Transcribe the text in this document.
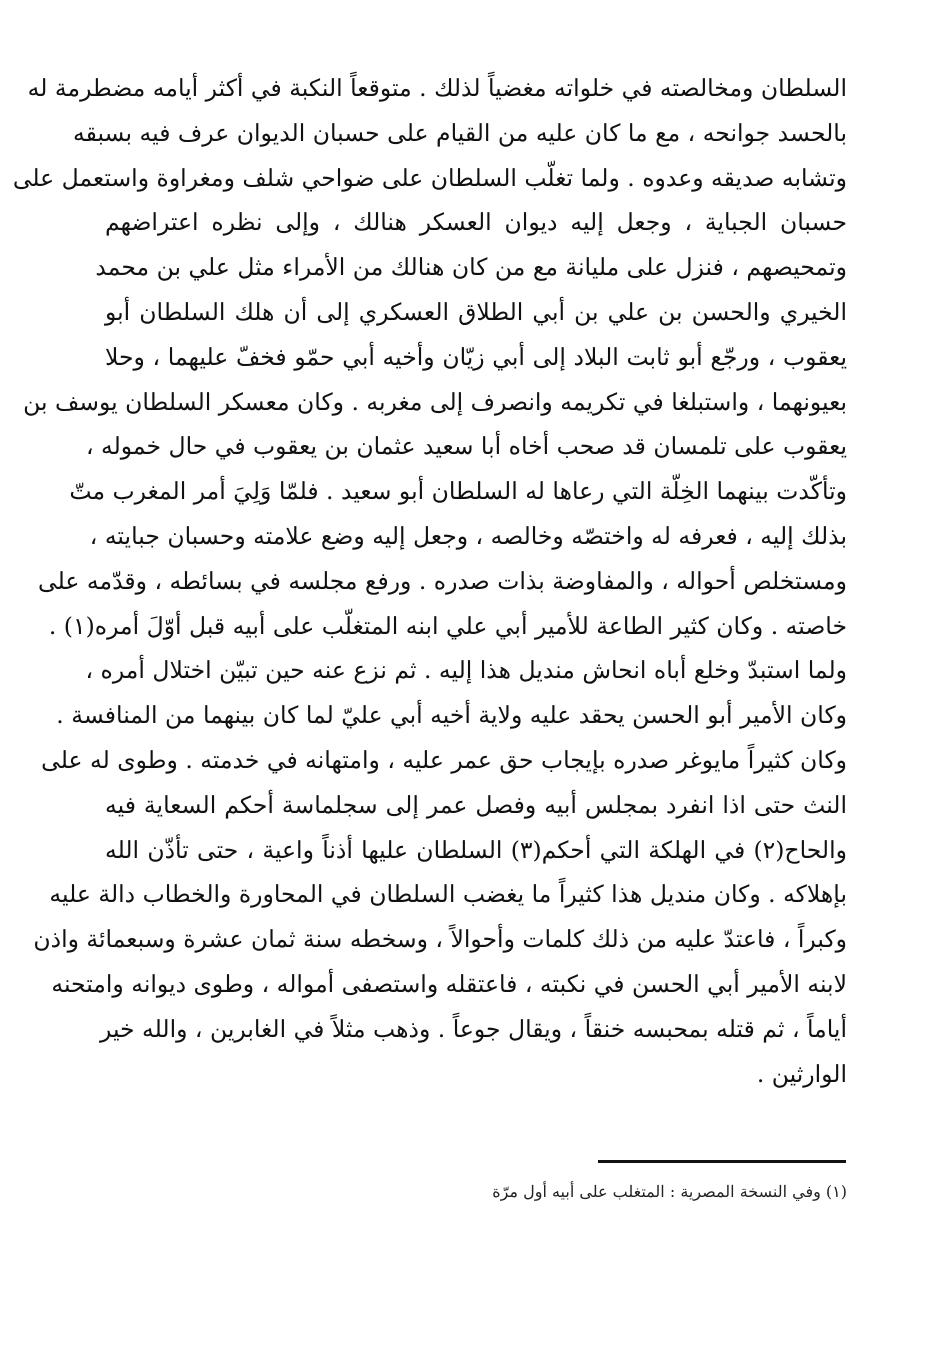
السلطان ومخالصته في خلواته مغضياً لذلك . متوقعاً النكبة في أكثر أيامه مضطرمة له
بالحسد جوانحه ، مع ما كان عليه من القيام على حسبان الديوان عرف فيه بسبقه
وتشابه صديقه وعدوه . ولما تغلّب السلطان على ضواحي شلف ومغراوة واستعمل على
حسبان الجباية ، وجعل إليه ديوان العسكر هنالك ، وإلى نظره اعتراضهم
وتمحيصهم ، فنزل على مليانة مع من كان هنالك من الأمراء مثل علي بن محمد
الخيري والحسن بن علي بن أبي الطلاق العسكري إلى أن هلك السلطان أبو
يعقوب ، ورجّع أبو ثابت البلاد إلى أبي زيّان وأخيه أبي حمّو فخفّ عليهما ، وحلا
بعيونهما ، واستبلغا في تكريمه وانصرف إلى مغربه . وكان معسكر السلطان يوسف بن
يعقوب على تلمسان قد صحب أخاه أبا سعيد عثمان بن يعقوب في حال خموله ،
وتأكّدت بينهما الخِلّة التي رعاها له السلطان أبو سعيد . فلمّا وَلِيَ أمر المغرب متّ
بذلك إليه ، فعرفه له واختصّه وخالصه ، وجعل إليه وضع علامته وحسبان جبايته ،
ومستخلص أحواله ، والمفاوضة بذات صدره . ورفع مجلسه في بسائطه ، وقدّمه على
خاصته . وكان كثير الطاعة للأمير أبي علي ابنه المتغلّب على أبيه قبل أوّلَ أمره(١) .
ولما استبدّ وخلع أباه انحاش منديل هذا إليه . ثم نزع عنه حين تبيّن اختلال أمره ،
وكان الأمير أبو الحسن يحقد عليه ولاية أخيه أبي عليّ لما كان بينهما من المنافسة .
وكان كثيراً مايوغر صدره بإيجاب حق عمر عليه ، وامتهانه في خدمته . وطوى له على
النث حتى اذا انفرد بمجلس أبيه وفصل عمر إلى سجلماسة أحكم السعاية فيه
والحاح(٢) في الهلكة التي أحكم(٣) السلطان عليها أذناً واعية ، حتى تأذّن الله
بإهلاكه . وكان منديل هذا كثيراً ما يغضب السلطان في المحاورة والخطاب دالة عليه
وكبراً ، فاعتدّ عليه من ذلك كلمات وأحوالاً ، وسخطه سنة ثمان عشرة وسبعمائة واذن
لابنه الأمير أبي الحسن في نكبته ، فاعتقله واستصفى أمواله ، وطوى ديوانه وامتحنه
أياماً ، ثم قتله بمحبسه خنقاً ، ويقال جوعاً . وذهب مثلاً في الغابرين ، والله خير
الوارثين .
(١) وفي النسخة المصرية : المتغلب على أبيه أول مرّة
